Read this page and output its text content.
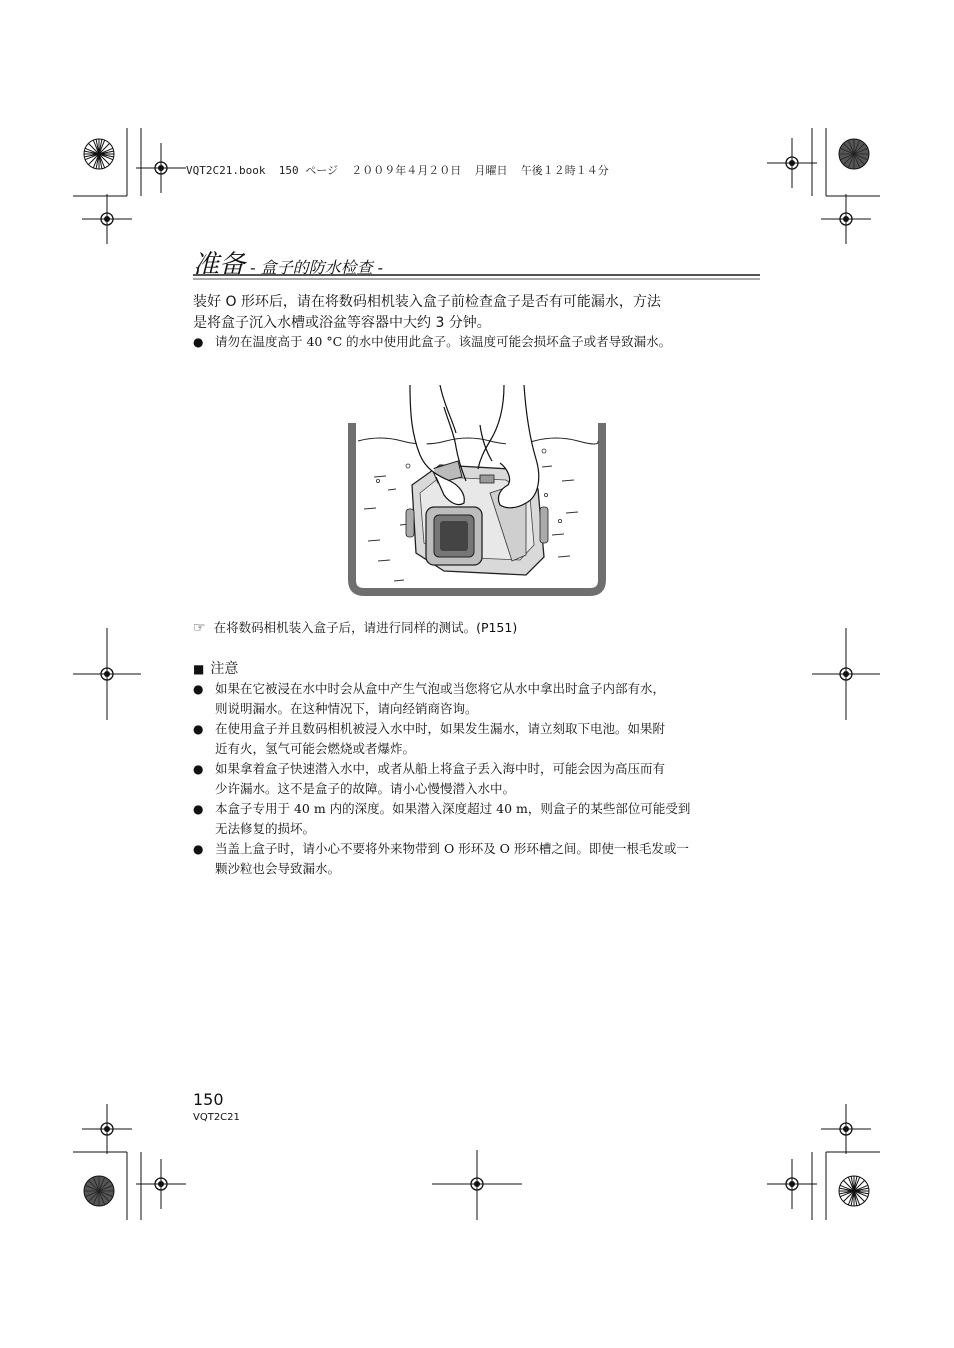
VQT2C21.book 150 ページ ２００９年４月２０日 月曜日 午後１２時１４分
准备 - 盒子的防水检查 -
装好 O 形环后，请在将数码相机装入盒子前检查盒子是否有可能漏水，方法
是将盒子沉入水槽或浴盆等容器中大约 3 分钟。
● 请勿在温度高于 40 °C 的水中使用此盒子。该温度可能会损坏盒子或者导致漏水。
☞ 在将数码相机装入盒子后，请进行同样的测试。(P151)
■ 注意
● 如果在它被浸在水中时会从盒中产生气泡或当您将它从水中拿出时盒子内部有水，
则说明漏水。在这种情况下，请向经销商咨询。
● 在使用盒子并且数码相机被浸入水中时，如果发生漏水，请立刻取下电池。如果附
近有火，氢气可能会燃烧或者爆炸。
● 如果拿着盒子快速潜入水中，或者从船上将盒子丢入海中时，可能会因为高压而有
少许漏水。这不是盒子的故障。请小心慢慢潜入水中。
● 本盒子专用于 40 m 内的深度。如果潜入深度超过 40 m，则盒子的某些部位可能受到
无法修复的损坏。
● 当盖上盒子时，请小心不要将外来物带到 O 形环及 O 形环槽之间。即使一根毛发或一
颗沙粒也会导致漏水。
150
VQT2C21
